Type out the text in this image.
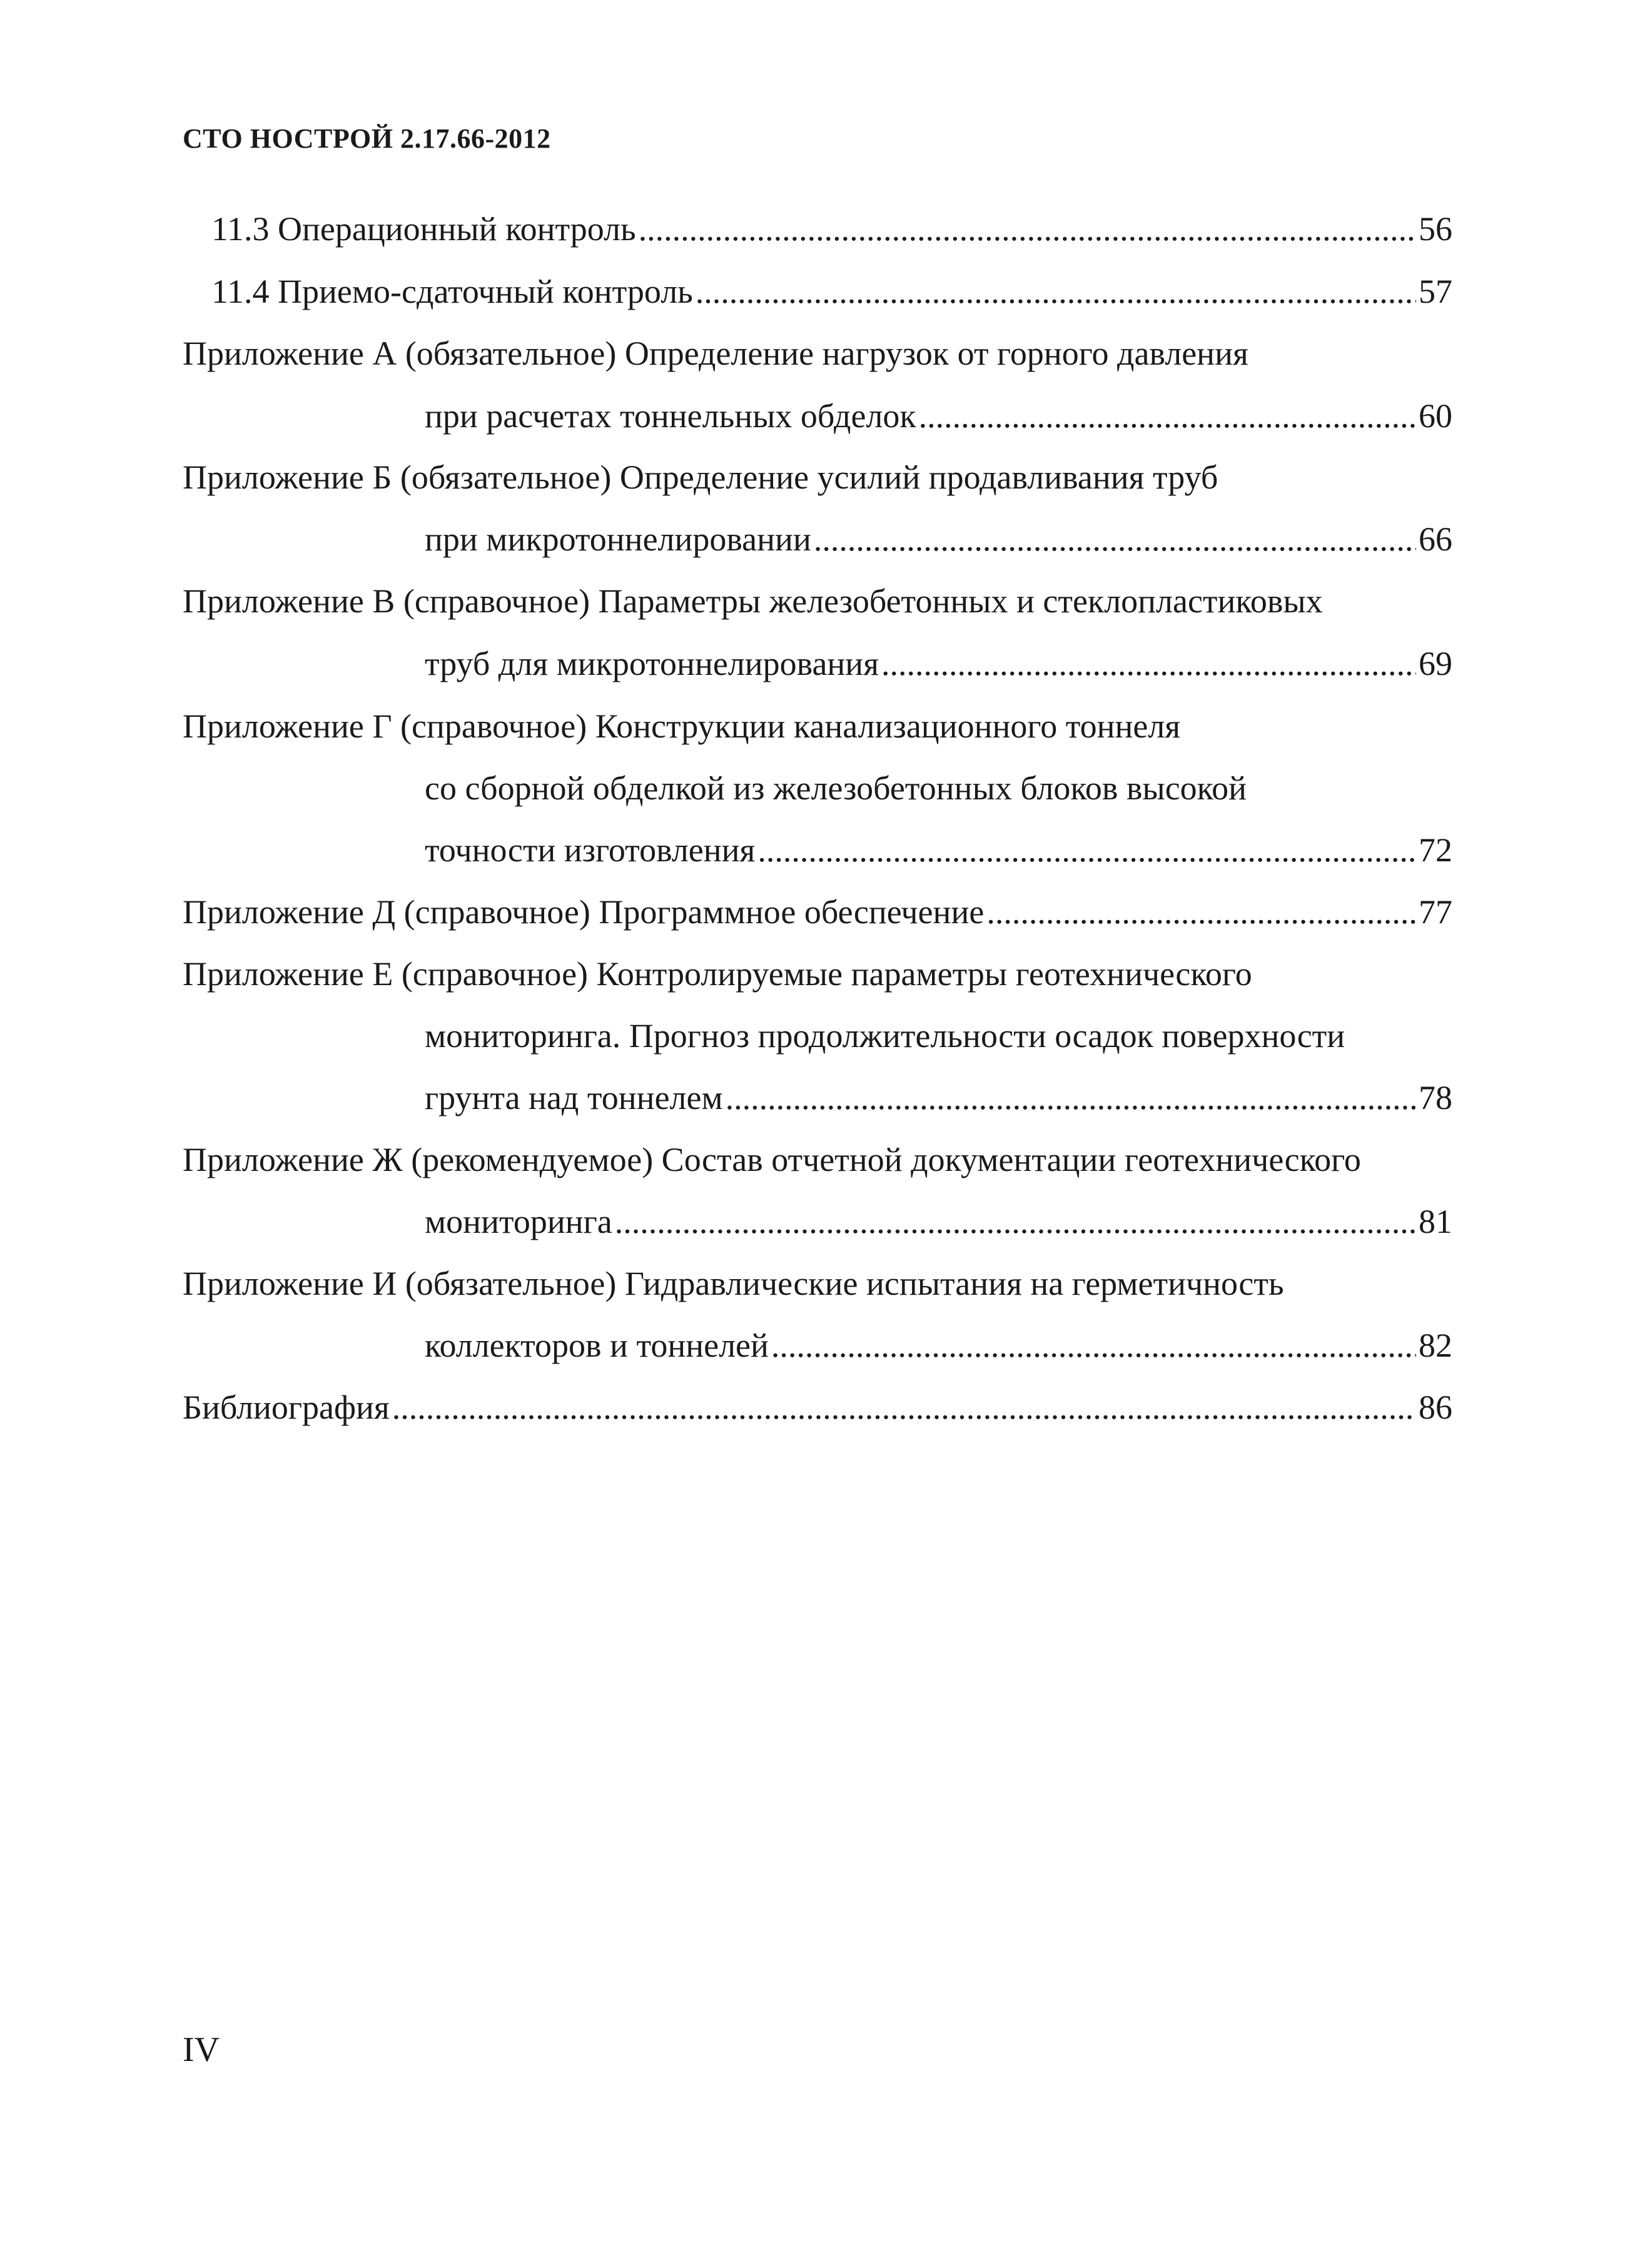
СТО НОСТРОЙ 2.17.66-2012
11.3 Операционный контроль .....	56
11.4 Приемо-сдаточный контроль .....	57
Приложение А (обязательное) Определение нагрузок от горного давления
при расчетах тоннельных обделок .....	60
Приложение Б (обязательное) Определение усилий продавливания труб
при микротоннелировании .....	66
Приложение В (справочное) Параметры железобетонных и стеклопластиковых
труб для микротоннелирования .....	69
Приложение Г (справочное) Конструкции канализационного тоннеля
со сборной обделкой из железобетонных блоков высокой
точности изготовления .....	72
Приложение Д (справочное) Программное обеспечение .....	77
Приложение Е (справочное) Контролируемые параметры геотехнического
мониторинга. Прогноз продолжительности осадок поверхности
грунта над тоннелем .....	78
Приложение Ж (рекомендуемое) Состав отчетной документации геотехнического
мониторинга .....	81
Приложение И (обязательное) Гидравлические испытания на герметичность
коллекторов и тоннелей .....	82
Библиография .....	86
IV
